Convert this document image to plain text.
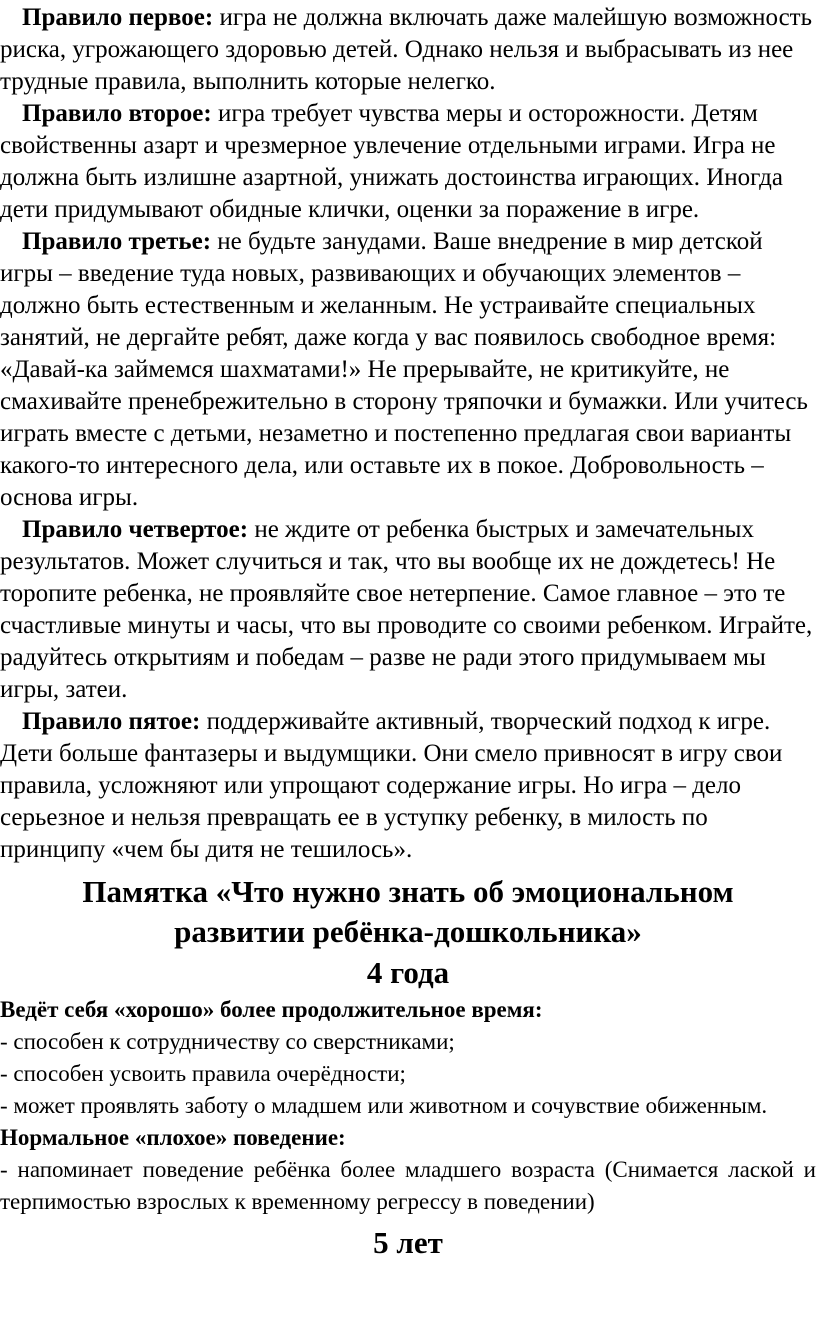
Правило первое: игра не должна включать даже малейшую возможность риска, угрожающего здоровью детей. Однако нельзя и выбрасывать из нее трудные правила, выполнить которые нелегко.

Правило вторoе: игра требует чувства меры и осторожности. Детям свойственны азарт и чрезмерное увлечение отдельными играми. Игра не должна быть излишне азартной, унижать достоинства играющих. Иногда дети придумывают обидные клички, оценки за поражение в игре.

Правило третье: не будьте занудами. Ваше внедрение в мир детской игры – введение туда новых, развивающих и обучающих элементов – должно быть естественным и желанным. Не устраивайте специальных занятий, не дергайте ребят, даже когда у вас появилось свободное время: «Давай-ка займемся шахматами!» Не прерывайте, не критикуйте, не смахивайте пренебрежительно в сторону тряпочки и бумажки. Или учитесь играть вместе с детьми, незаметно и постепенно предлагая свои варианты какого-то интересного дела, или оставьте их в покое. Добровольность – основа игры.

Правило четвертое: не ждите от ребенка быстрых и замечательных результатов. Может случиться и так, что вы вообще их не дождетесь! Не торопите ребенка, не проявляйте свое нетерпение. Самое главное – это те счастливые минуты и часы, что вы проводите со своими ребенком. Играйте, радуйтесь открытиям и победам – разве не ради этого придумываем мы игры, затеи.

Правило пятое: поддерживайте активный, творческий подход к игре. Дети больше фантазеры и выдумщики. Они смело привносят в игру свои правила, усложняют или упрощают содержание игры. Но игра – дело серьезное и нельзя превращать ее в уступку ребенку, в милость по принципу «чем бы дитя не тешилось».

Памятка «Что нужно знать об эмоциональном
развитии ребёнка-дошкольника»
4 года

Ведёт себя «хорошо» более продолжительное время:

- способен к сотрудничеству со сверстниками;

- способен усвоить правила очерёдности;

- может проявлять заботу о младшем или животном и сочувствие обиженным.

Нормальное «плохое» поведение:

- напоминает поведение ребёнка более младшего возраста (Снимается лаской и терпимостью взрослых к временному регрессу в поведении)

5 лет
